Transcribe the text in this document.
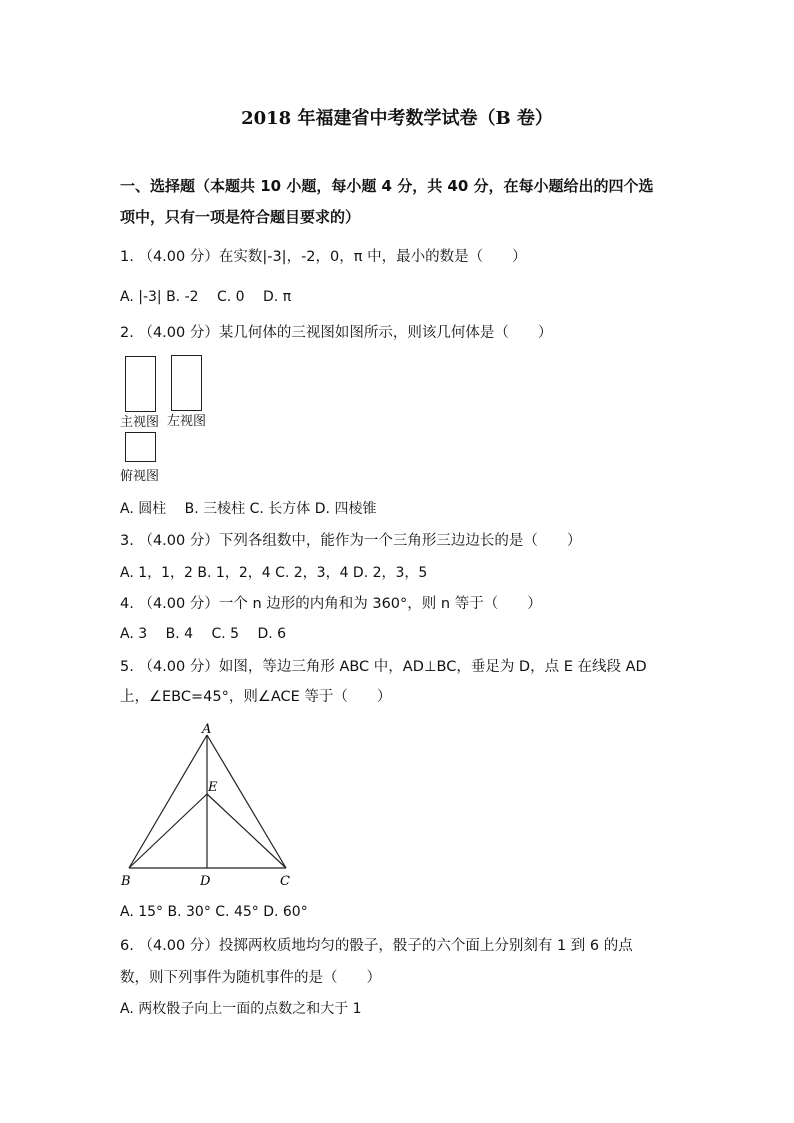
2018 年福建省中考数学试卷（B 卷）
一、选择题（本题共 10 小题，每小题 4 分，共 40 分，在每小题给出的四个选
项中，只有一项是符合题目要求的）
1. （4.00 分）在实数|-3|，-2，0，π 中，最小的数是（　　）
A. |-3| B. -2　 C. 0　 D. π
2. （4.00 分）某几何体的三视图如图所示，则该几何体是（　　）
主视图 左视图
俯视图
A. 圆柱　 B. 三棱柱 C. 长方体 D. 四棱锥
3. （4.00 分）下列各组数中，能作为一个三角形三边边长的是（　　）
A. 1，1，2 B. 1，2，4 C. 2，3，4 D. 2，3，5
4. （4.00 分）一个 n 边形的内角和为 360°，则 n 等于（　　）
A. 3　 B. 4　 C. 5　 D. 6
5. （4.00 分）如图，等边三角形 ABC 中，AD⊥BC，垂足为 D，点 E 在线段 AD
上，∠EBC=45°，则∠ACE 等于（　　）
A
E
B	D	C
A. 15° B. 30° C. 45° D. 60°
6. （4.00 分）投掷两枚质地均匀的骰子，骰子的六个面上分别刻有 1 到 6 的点
数，则下列事件为随机事件的是（　　）
A. 两枚骰子向上一面的点数之和大于 1
